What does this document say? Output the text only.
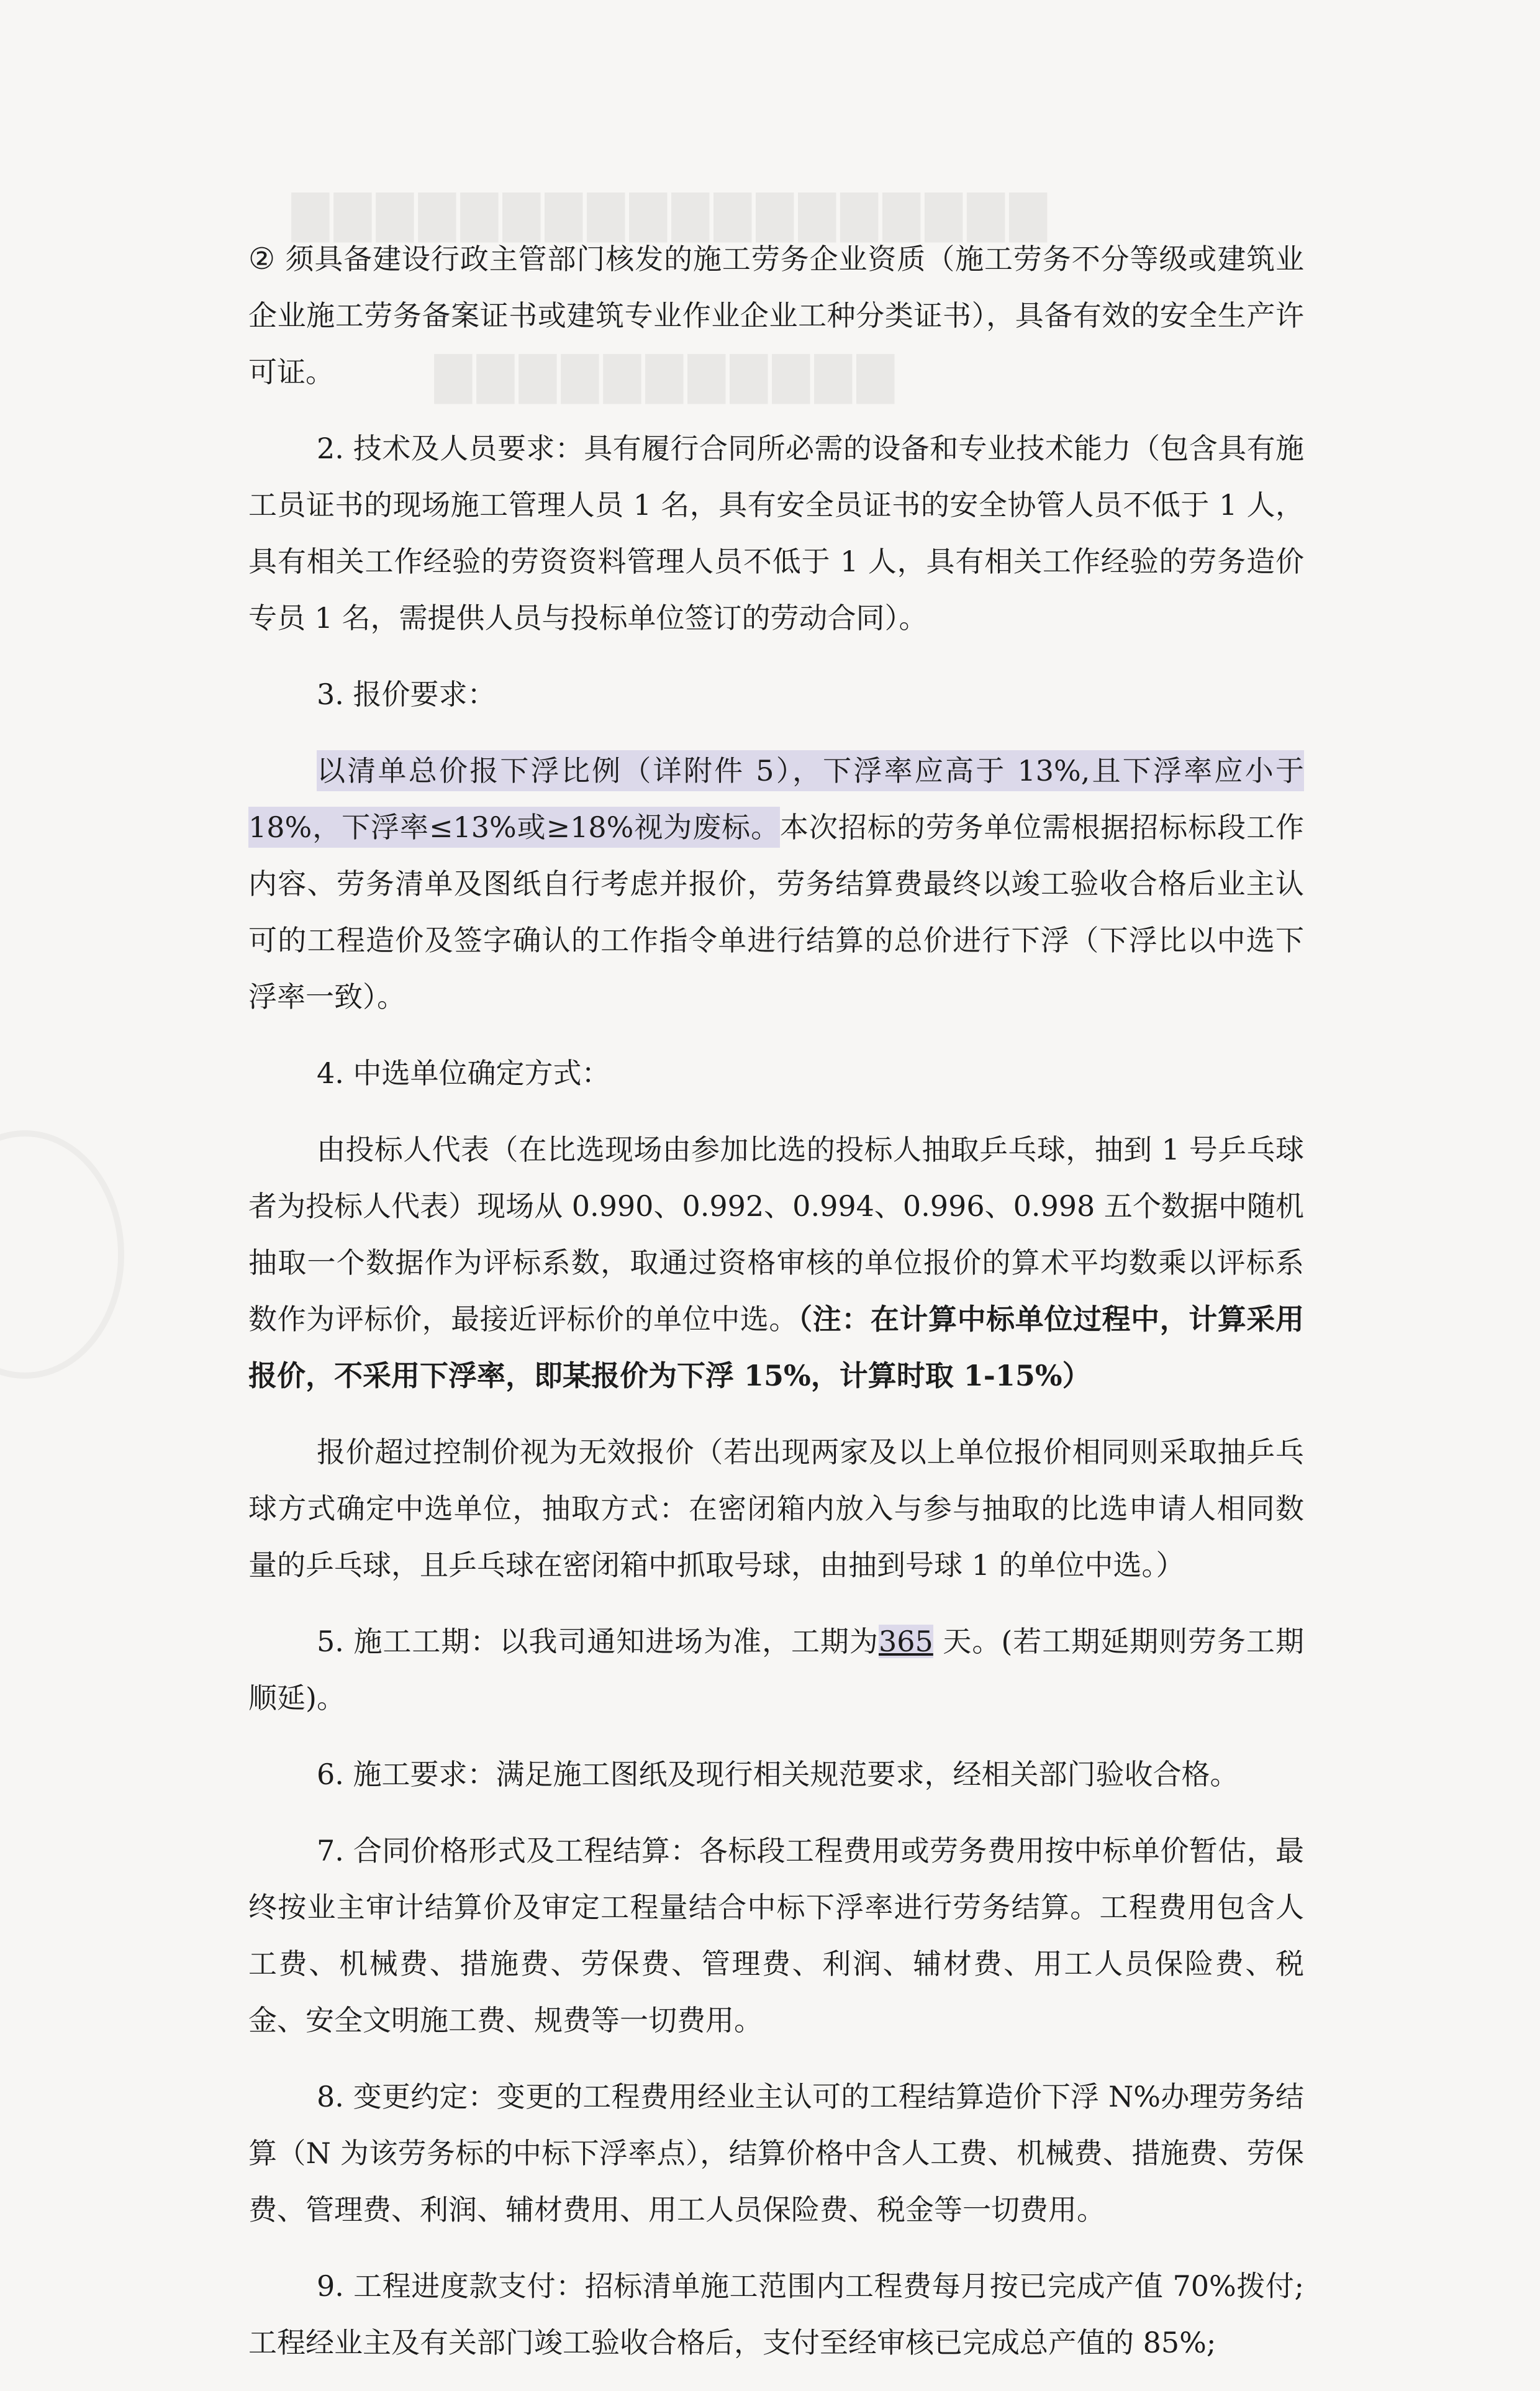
▇▇▇▇▇▇▇▇▇▇▇▇▇▇▇▇▇▇
▇▇▇▇▇▇▇▇▇▇▇

② 须具备建设行政主管部门核发的施工劳务企业资质（施工劳务不分等级或建筑业企业施工劳务备案证书或建筑专业作业企业工种分类证书），具备有效的安全生产许可证。

2. 技术及人员要求：具有履行合同所必需的设备和专业技术能力（包含具有施工员证书的现场施工管理人员 1 名，具有安全员证书的安全协管人员不低于 1 人，具有相关工作经验的劳资资料管理人员不低于 1 人，具有相关工作经验的劳务造价专员 1 名，需提供人员与投标单位签订的劳动合同）。

3. 报价要求：

以清单总价报下浮比例（详附件 5），下浮率应高于 13%,且下浮率应小于 18%，下浮率≤13%或≥18%视为废标。本次招标的劳务单位需根据招标标段工作内容、劳务清单及图纸自行考虑并报价，劳务结算费最终以竣工验收合格后业主认可的工程造价及签字确认的工作指令单进行结算的总价进行下浮（下浮比以中选下浮率一致）。

4. 中选单位确定方式：

由投标人代表（在比选现场由参加比选的投标人抽取乒乓球，抽到 1 号乒乓球者为投标人代表）现场从 0.990、0.992、0.994、0.996、0.998 五个数据中随机抽取一个数据作为评标系数，取通过资格审核的单位报价的算术平均数乘以评标系数作为评标价，最接近评标价的单位中选。（注：在计算中标单位过程中，计算采用报价，不采用下浮率，即某报价为下浮 15%，计算时取 1-15%）

报价超过控制价视为无效报价（若出现两家及以上单位报价相同则采取抽乒乓球方式确定中选单位，抽取方式：在密闭箱内放入与参与抽取的比选申请人相同数量的乒乓球，且乒乓球在密闭箱中抓取号球，由抽到号球 1 的单位中选。）

5. 施工工期：以我司通知进场为准，工期为365 天。(若工期延期则劳务工期顺延)。

6. 施工要求：满足施工图纸及现行相关规范要求，经相关部门验收合格。

7. 合同价格形式及工程结算：各标段工程费用或劳务费用按中标单价暂估，最终按业主审计结算价及审定工程量结合中标下浮率进行劳务结算。工程费用包含人工费、机械费、措施费、劳保费、管理费、利润、辅材费、用工人员保险费、税金、安全文明施工费、规费等一切费用。

8. 变更约定：变更的工程费用经业主认可的工程结算造价下浮 N%办理劳务结算（N 为该劳务标的中标下浮率点），结算价格中含人工费、机械费、措施费、劳保费、管理费、利润、辅材费用、用工人员保险费、税金等一切费用。

9. 工程进度款支付：招标清单施工范围内工程费每月按已完成产值 70%拨付;工程经业主及有关部门竣工验收合格后，支付至经审核已完成总产值的 85%;
